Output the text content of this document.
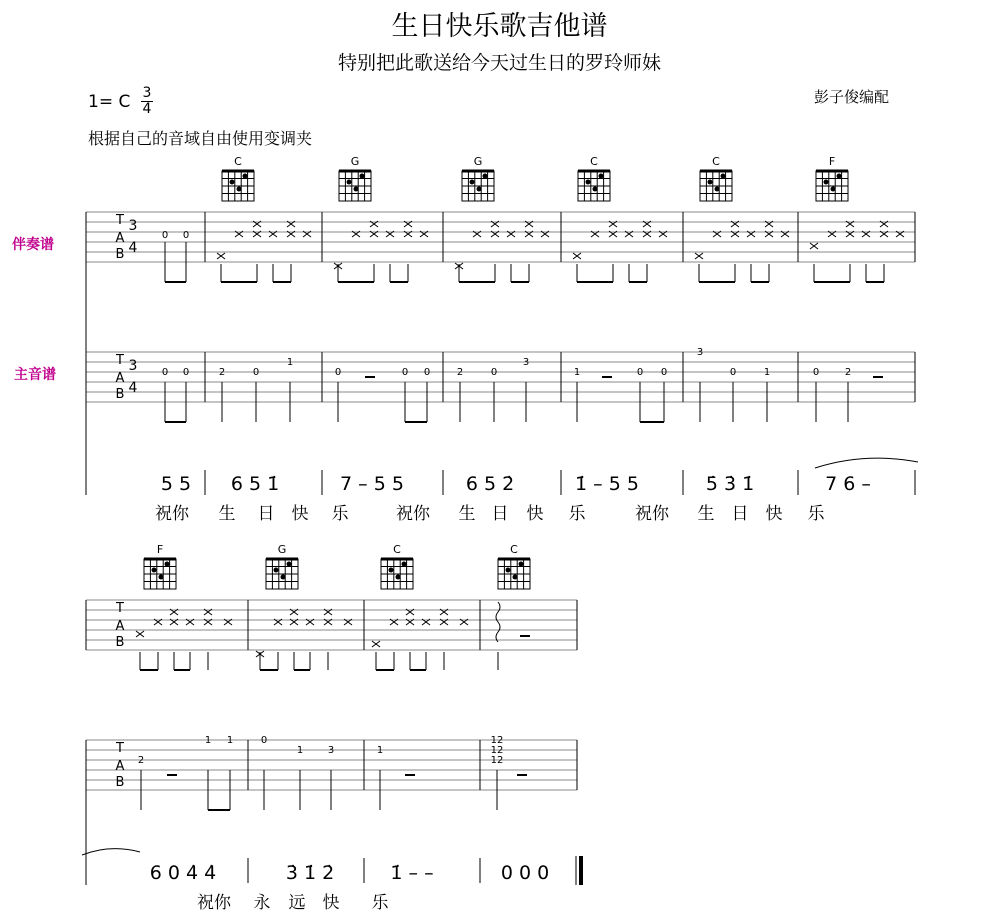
生日快乐歌吉他谱
特别把此歌送给今天过生日的罗玲师妹
1= C 3
4
彭子俊编配
根据自己的音域自由使用变调夹
伴奏谱
主音谱
T
A
B
T
A
B
3
4
3
4
C	G	G	C	C	F
0 0
0 0	2	0
1
0	0 0	2	0
3
1	0 0
3
0	1	0	2
5 5 6 5 1̇	7 – 5 5	6 5 2̇	1̇ – 5 5	5̇ 3̇ 1̇	7 6 –
祝你 生 日 快 乐	祝你 生 日 快 乐	祝你 生 日 快 乐
T
A
B
T
A
B
F	G	C	C
2
1 1	0
1 3	1
12
12
12
6 0 4̇ 4̇	3̇ 1̇ 2̇	1̇ – –	0 0 0
祝你 永 远 快 乐
